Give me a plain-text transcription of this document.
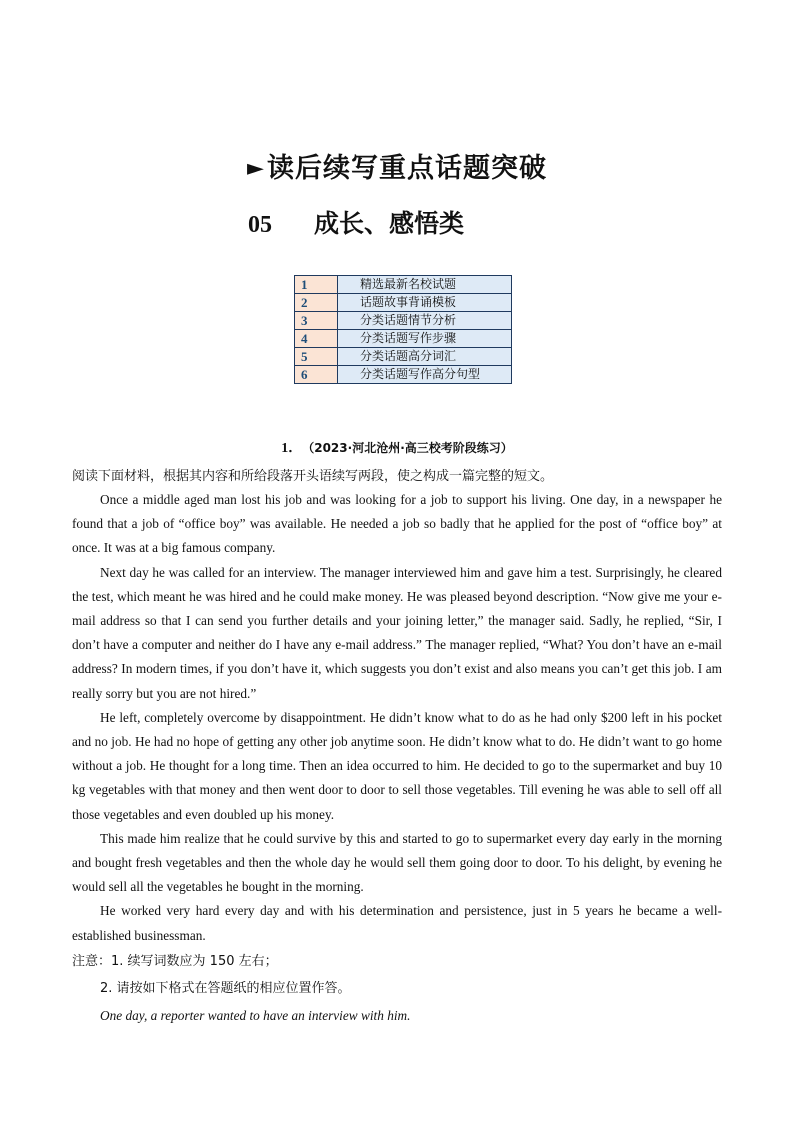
►读后续写重点话题突破
05 成长、感悟类
1	精选最新名校试题
2	话题故事背诵模板
3	分类话题情节分析
4	分类话题写作步骤
5	分类话题高分词汇
6	分类话题写作高分句型
1． （2023·河北沧州·高三校考阶段练习）
阅读下面材料，根据其内容和所给段落开头语续写两段，使之构成一篇完整的短文。

Once a middle aged man lost his job and was looking for a job to support his living. One day, in a newspaper he found that a job of “office boy” was available. He needed a job so badly that he applied for the post of “office boy” at once. It was at a big famous company.

Next day he was called for an interview. The manager interviewed him and gave him a test. Surprisingly, he cleared the test, which meant he was hired and he could make money. He was pleased beyond description. “Now give me your e-mail address so that I can send you further details and your joining letter,” the manager said. Sadly, he replied, “Sir, I don’t have a computer and neither do I have any e-mail address.” The manager replied, “What? You don’t have an e-mail address? In modern times, if you don’t have it, which suggests you don’t exist and also means you can’t get this job. I am really sorry but you are not hired.”

He left, completely overcome by disappointment. He didn’t know what to do as he had only $200 left in his pocket and no job. He had no hope of getting any other job anytime soon. He didn’t know what to do. He didn’t want to go home without a job. He thought for a long time. Then an idea occurred to him. He decided to go to the supermarket and buy 10 kg vegetables with that money and then went door to door to sell those vegetables. Till evening he was able to sell off all those vegetables and even doubled up his money.

This made him realize that he could survive by this and started to go to supermarket every day early in the morning and bought fresh vegetables and then the whole day he would sell them going door to door. To his delight, by evening he would sell all the vegetables he bought in the morning.

He worked very hard every day and with his determination and persistence, just in 5 years he became a well-established businessman.

注意：1. 续写词数应为 150 左右；
2. 请按如下格式在答题纸的相应位置作答。
One day, a reporter wanted to have an interview with him.
